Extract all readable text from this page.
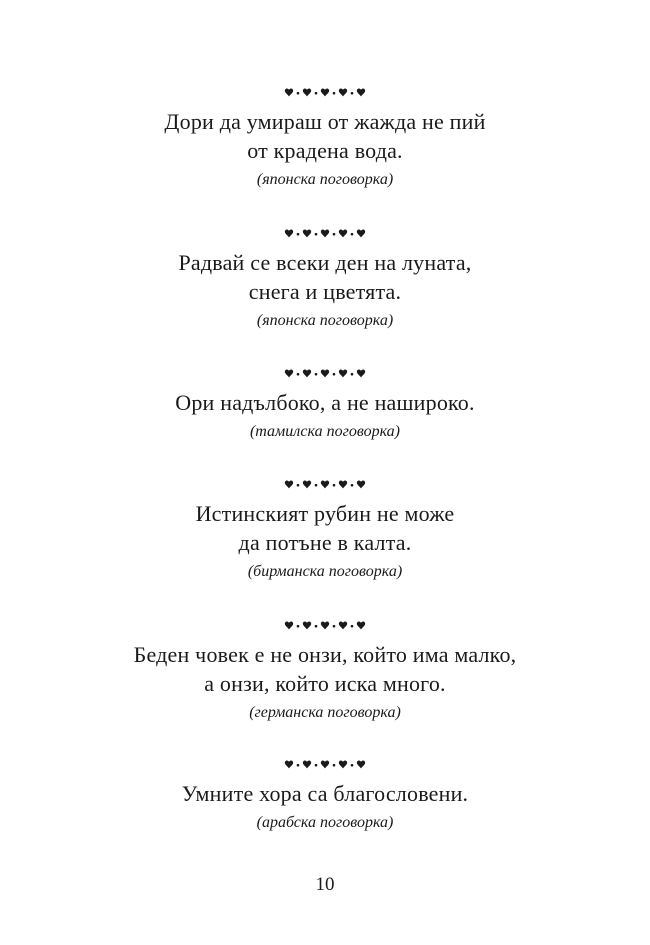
Дори да умираш от жажда не пий
от крадена вода.
(японска поговорка)
Радвай се всеки ден на луната,
снега и цветята.
(японска поговорка)
Ори надълбоко, а не нашироко.
(тамилска поговорка)
Истинският рубин не може
да потъне в калта.
(бирманска поговорка)
Беден човек е не онзи, който има малко,
а онзи, който иска много.
(германска поговорка)
Умните хора са благословени.
(арабска поговорка)
10
